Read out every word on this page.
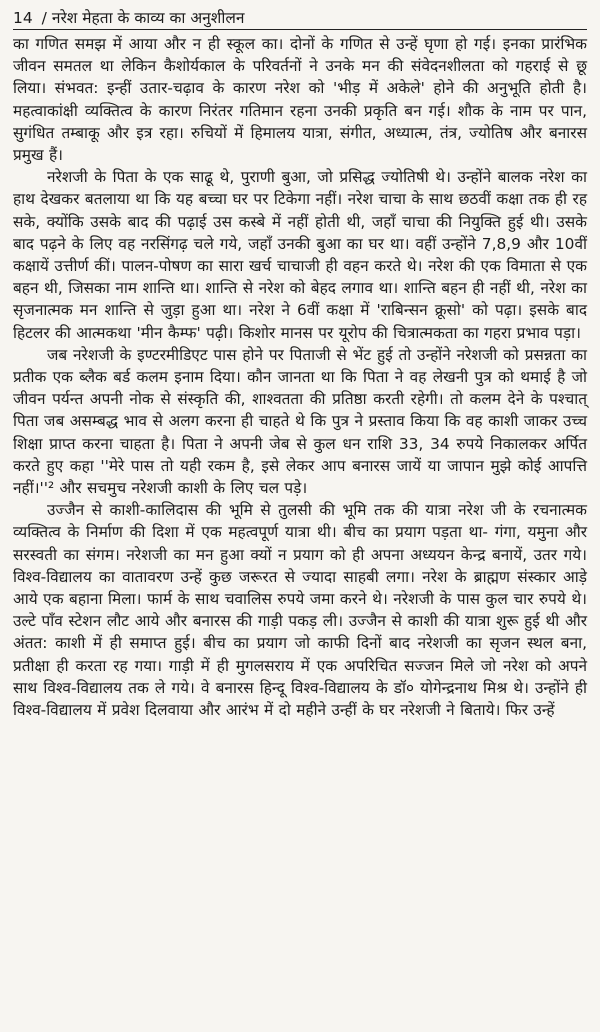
14 / नरेश मेहता के काव्य का अनुशीलन

का गणित समझ में आया और न ही स्कूल का। दोनों के गणित से उन्हें घृणा हो गई। इनका प्रारंभिक जीवन समतल था लेकिन कैशोर्यकाल के परिवर्तनों ने उनके मन की संवेदनशीलता को गहराई से छू लिया। संभवत: इन्हीं उतार-चढ़ाव के कारण नरेश को 'भीड़ में अकेले' होने की अनुभूति होती है। महत्वाकांक्षी व्यक्तित्व के कारण निरंतर गतिमान रहना उनकी प्रकृति बन गई। शौक के नाम पर पान, सुगंधित तम्बाकू और इत्र रहा। रुचियों में हिमालय यात्रा, संगीत, अध्यात्म, तंत्र, ज्योतिष और बनारस प्रमुख हैं।

नरेशजी के पिता के एक साढू थे, पुराणी बुआ, जो प्रसिद्ध ज्योतिषी थे। उन्होंने बालक नरेश का हाथ देखकर बतलाया था कि यह बच्चा घर पर टिकेगा नहीं। नरेश चाचा के साथ छठवीं कक्षा तक ही रह सके, क्योंकि उसके बाद की पढ़ाई उस कस्बे में नहीं होती थी, जहाँ चाचा की नियुक्ति हुई थी। उसके बाद पढ़ने के लिए वह नरसिंगढ़ चले गये, जहाँ उनकी बुआ का घर था। वहीं उन्होंने 7,8,9 और 10वीं कक्षायें उत्तीर्ण कीं। पालन-पोषण का सारा खर्च चाचाजी ही वहन करते थे। नरेश की एक विमाता से एक बहन थी, जिसका नाम शान्ति था। शान्ति से नरेश को बेहद लगाव था। शान्ति बहन ही नहीं थी, नरेश का सृजनात्मक मन शान्ति से जुड़ा हुआ था। नरेश ने 6वीं कक्षा में 'राबिन्सन क्रूसो' को पढ़ा। इसके बाद हिटलर की आत्मकथा 'मीन कैम्फ' पढ़ी। किशोर मानस पर यूरोप की चित्रात्मकता का गहरा प्रभाव पड़ा।

जब नरेशजी के इण्टरमीडिएट पास होने पर पिताजी से भेंट हुई तो उन्होंने नरेशजी को प्रसन्नता का प्रतीक एक ब्लैक बर्ड कलम इनाम दिया। कौन जानता था कि पिता ने वह लेखनी पुत्र को थमाई है जो जीवन पर्यन्त अपनी नोक से संस्कृति की, शाश्वतता की प्रतिष्ठा करती रहेगी। तो कलम देने के पश्चात् पिता जब असम्बद्ध भाव से अलग करना ही चाहते थे कि पुत्र ने प्रस्ताव किया कि वह काशी जाकर उच्च शिक्षा प्राप्त करना चाहता है। पिता ने अपनी जेब से कुल धन राशि 33, 34 रुपये निकालकर अर्पित करते हुए कहा ''मेरे पास तो यही रकम है, इसे लेकर आप बनारस जायें या जापान मुझे कोई आपत्ति नहीं।''² और सचमुच नरेशजी काशी के लिए चल पड़े।

उज्जैन से काशी-कालिदास की भूमि से तुलसी की भूमि तक की यात्रा नरेश जी के रचनात्मक व्यक्तित्व के निर्माण की दिशा में एक महत्वपूर्ण यात्रा थी। बीच का प्रयाग पड़ता था- गंगा, यमुना और सरस्वती का संगम। नरेशजी का मन हुआ क्यों न प्रयाग को ही अपना अध्ययन केन्द्र बनायें, उतर गये। विश्व-विद्यालय का वातावरण उन्हें कुछ जरूरत से ज्यादा साहबी लगा। नरेश के ब्राह्मण संस्कार आड़े आये एक बहाना मिला। फार्म के साथ चवालिस रुपये जमा करने थे। नरेशजी के पास कुल चार रुपये थे। उल्टे पाँव स्टेशन लौट आये और बनारस की गाड़ी पकड़ ली। उज्जैन से काशी की यात्रा शुरू हुई थी और अंतत: काशी में ही समाप्त हुई। बीच का प्रयाग जो काफी दिनों बाद नरेशजी का सृजन स्थल बना, प्रतीक्षा ही करता रह गया। गाड़ी में ही मुगलसराय में एक अपरिचित सज्जन मिले जो नरेश को अपने साथ विश्व-विद्यालय तक ले गये। वे बनारस हिन्दू विश्व-विद्यालय के डॉ० योगेन्द्रनाथ मिश्र थे। उन्होंने ही विश्व-विद्यालय में प्रवेश दिलवाया और आरंभ में दो महीने उन्हीं के घर नरेशजी ने बिताये। फिर उन्हें
